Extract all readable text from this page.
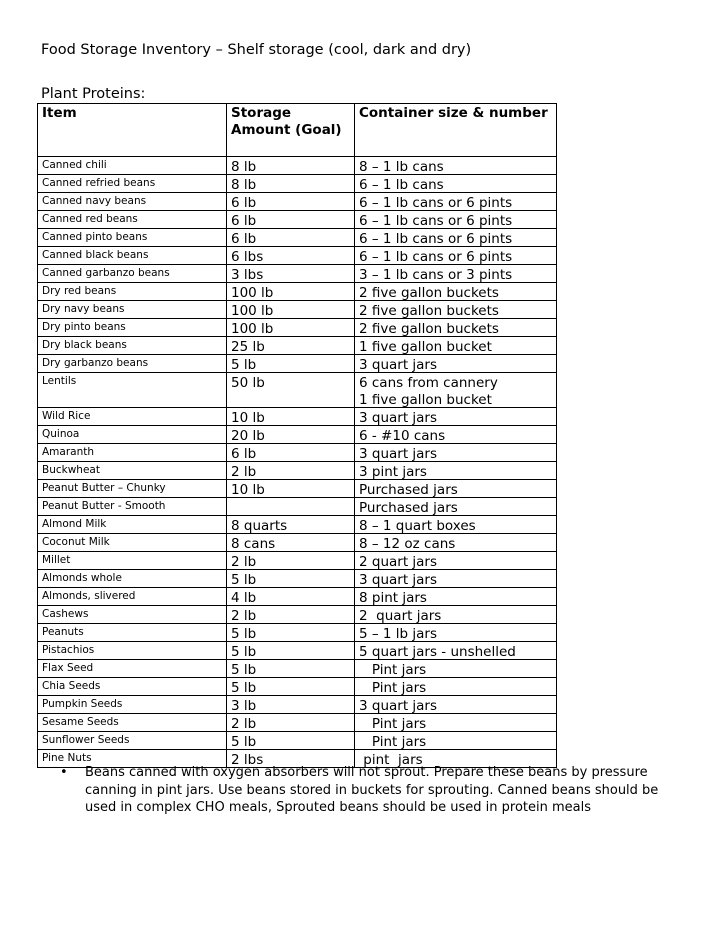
Food Storage Inventory – Shelf storage (cool, dark and dry)
Plant Proteins:
Item	Storage Amount (Goal)	Container size & number
Canned chili	8 lb	8 – 1 lb cans

Canned refried beans	8 lb	6 – 1 lb cans

Canned navy beans	6 lb	6 – 1 lb cans or 6 pints

Canned red beans	6 lb	6 – 1 lb cans or 6 pints

Canned pinto beans	6 lb	6 – 1 lb cans or 6 pints

Canned black beans	6 lbs	6 – 1 lb cans or 6 pints

Canned garbanzo beans	3 lbs	3 – 1 lb cans or 3 pints

Dry red beans	100 lb	2 five gallon buckets

Dry navy beans	100 lb	2 five gallon buckets

Dry pinto beans	100 lb	2 five gallon buckets

Dry black beans	25 lb	1 five gallon bucket

Dry garbanzo beans	5 lb	3 quart jars

Lentils	50 lb	6 cans from cannery
1 five gallon bucket

Wild Rice	10 lb	3 quart jars

Quinoa	20 lb	6 - #10 cans

Amaranth	6 lb	3 quart jars

Buckwheat	2 lb	3 pint jars

Peanut Butter – Chunky	10 lb	Purchased jars

Peanut Butter - Smooth		Purchased jars

Almond Milk	8 quarts	8 – 1 quart boxes

Coconut Milk	8 cans	8 – 12 oz cans

Millet	2 lb	2 quart jars

Almonds whole	5 lb	3 quart jars

Almonds, slivered	4 lb	8 pint jars

Cashews	2 lb	2  quart jars

Peanuts	5 lb	5 – 1 lb jars

Pistachios	5 lb	5 quart jars - unshelled

Flax Seed	5 lb	Pint jars

Chia Seeds	5 lb	Pint jars

Pumpkin Seeds	3 lb	3 quart jars

Sesame Seeds	2 lb	Pint jars

Sunflower Seeds	5 lb	Pint jars

Pine Nuts	2 lbs	pint  jars
• Beans canned with oxygen absorbers will not sprout. Prepare these beans by pressure canning in pint jars. Use beans stored in buckets for sprouting. Canned beans should be used in complex CHO meals, Sprouted beans should be used in protein meals
